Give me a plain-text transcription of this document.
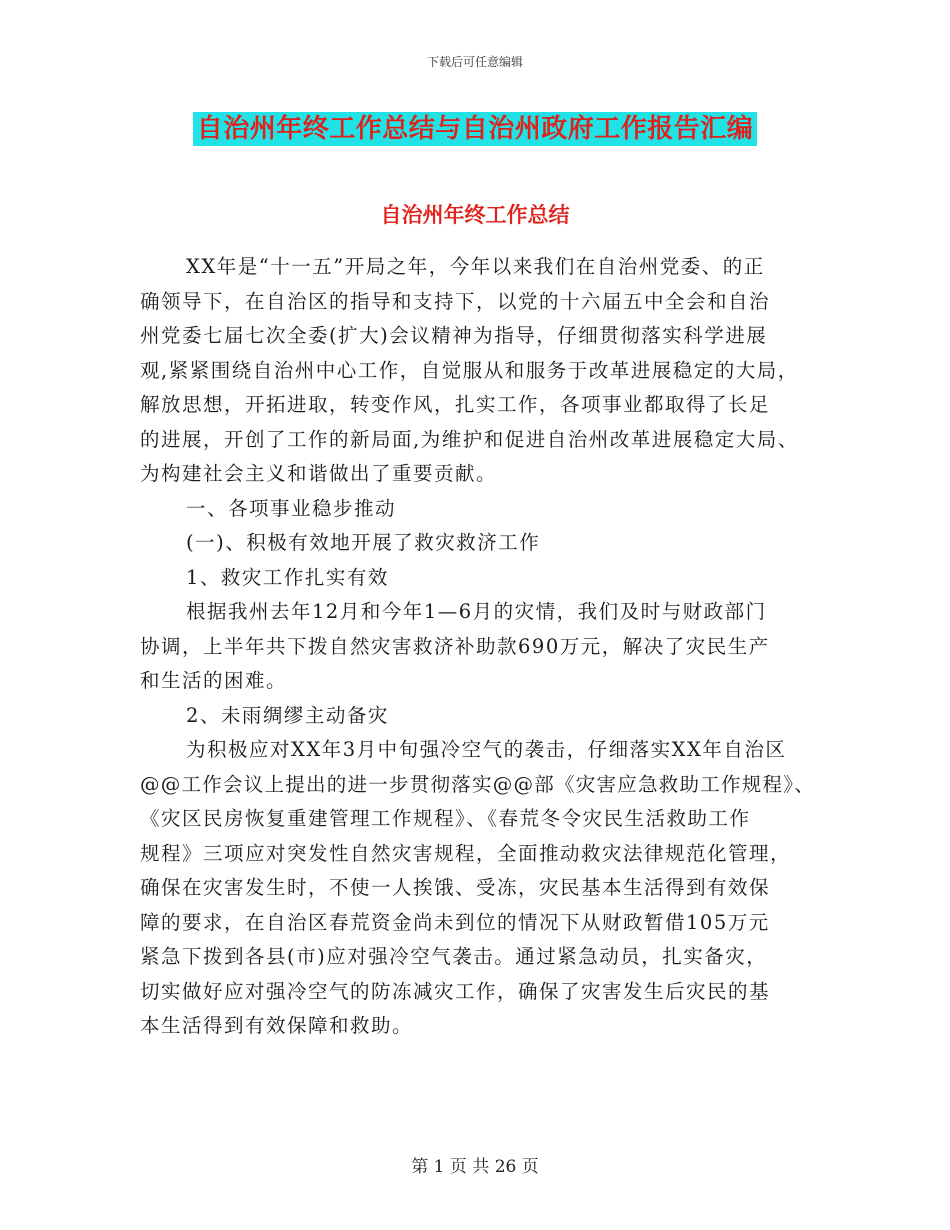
下载后可任意编辑
自治州年终工作总结与自治州政府工作报告汇编
自治州年终工作总结
XX年是“十一五”开局之年，今年以来我们在自治州党委、的正
确领导下，在自治区的指导和支持下，以党的十六届五中全会和自治
州党委七届七次全委(扩大)会议精神为指导，仔细贯彻落实科学进展
观,紧紧围绕自治州中心工作，自觉服从和服务于改革进展稳定的大局，
解放思想，开拓进取，转变作风，扎实工作，各项事业都取得了长足
的进展，开创了工作的新局面,为维护和促进自治州改革进展稳定大局、
为构建社会主义和谐做出了重要贡献。
一、各项事业稳步推动
(一)、积极有效地开展了救灾救济工作
1、救灾工作扎实有效
根据我州去年12月和今年1—6月的灾情，我们及时与财政部门
协调，上半年共下拨自然灾害救济补助款690万元，解决了灾民生产
和生活的困难。
2、未雨绸缪主动备灾
为积极应对XX年3月中旬强冷空气的袭击，仔细落实XX年自治区
@@工作会议上提出的进一步贯彻落实@@部《灾害应急救助工作规程》、
《灾区民房恢复重建管理工作规程》、《春荒冬令灾民生活救助工作
规程》三项应对突发性自然灾害规程，全面推动救灾法律规范化管理，
确保在灾害发生时，不使一人挨饿、受冻，灾民基本生活得到有效保
障的要求，在自治区春荒资金尚未到位的情况下从财政暂借105万元
紧急下拨到各县(市)应对强冷空气袭击。通过紧急动员，扎实备灾，
切实做好应对强冷空气的防冻减灾工作，确保了灾害发生后灾民的基
本生活得到有效保障和救助。
第 1 页 共 26 页
